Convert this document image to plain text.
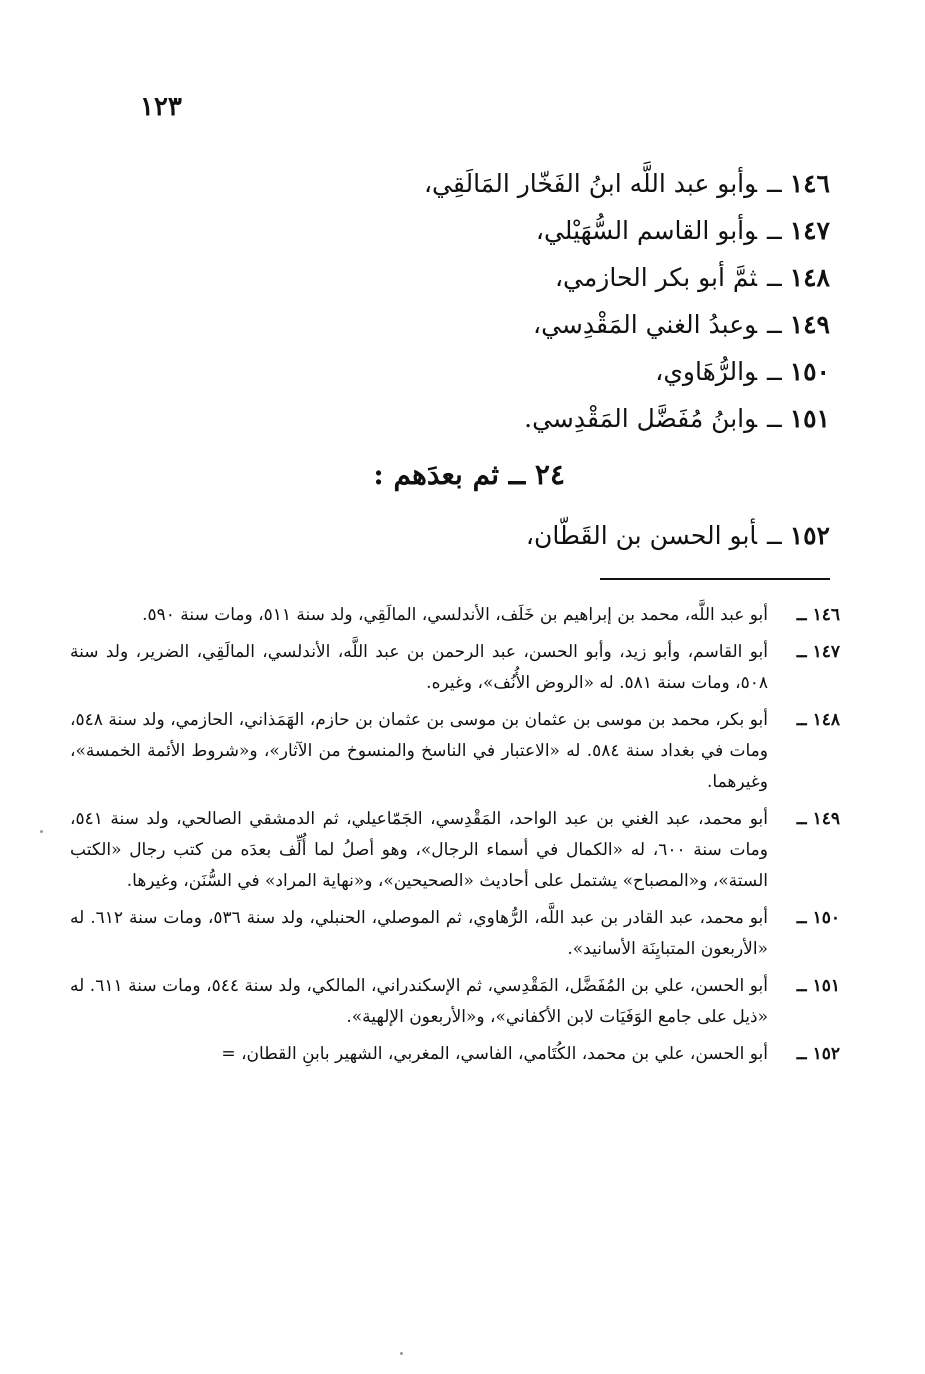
١٢٣
١٤٦ــوأبو عبد اللَّه ابنُ الفَخّار المَالَقِي،
١٤٧ــوأبو القاسم السُّهَيْلي،
١٤٨ــثمَّ أبو بكر الحازمي،
١٤٩ــوعبدُ الغني المَقْدِسي،
١٥٠ــوالرُّهَاوي،
١٥١ــوابنُ مُفَضَّل المَقْدِسي.
٢٤ ــ ثم بعدَهم :
١٥٢ــأبو الحسن بن القَطّان،
١٤٦ ــ
أبو عبد اللَّه، محمد بن إبراهيم بن خَلَف، الأندلسي، المالَقِي، ولد سنة ٥١١، ومات سنة ٥٩٠.
١٤٧ ــ
أبو القاسم، وأبو زيد، وأبو الحسن، عبد الرحمن بن عبد اللَّه، الأندلسي، المالَقِي، الضرير، ولد سنة ٥٠٨، ومات سنة ٥٨١. له «الروض الأُنُف»، وغيره.
١٤٨ ــ
أبو بكر، محمد بن موسى بن عثمان بن موسى بن عثمان بن حازم، الهَمَذاني، الحازمي، ولد سنة ٥٤٨، ومات في بغداد سنة ٥٨٤. له «الاعتبار في الناسخ والمنسوخ من الآثار»، و«شروط الأئمة الخمسة»، وغيرهما.
١٤٩ ــ
أبو محمد، عبد الغني بن عبد الواحد، المَقْدِسي، الجَمّاعيلي، ثم الدمشقي الصالحي، ولد سنة ٥٤١، ومات سنة ٦٠٠، له «الكمال في أسماء الرجال»، وهو أصلُ لما أُلِّف بعدَه من كتب رجال «الكتب الستة»، و«المصباح» يشتمل على أحاديث «الصحيحين»، و«نهاية المراد» في السُّنَن، وغيرها.
١٥٠ ــ
أبو محمد، عبد القادر بن عبد اللَّه، الرُّهاوي، ثم الموصلي، الحنبلي، ولد سنة ٥٣٦، ومات سنة ٦١٢. له «الأربعون المتبايِنَة الأسانيد».
١٥١ ــ
أبو الحسن، علي بن المُفَضَّل، المَقْدِسي، ثم الإسكندراني، المالكي، ولد سنة ٥٤٤، ومات سنة ٦١١. له «ذيل على جامع الوَفَيَات لابن الأكفاني»، و«الأربعون الإلهية».
١٥٢ ــ
أبو الحسن، علي بن محمد، الكُتَامي، الفاسي، المغربي، الشهير بابنِ القطان، =
